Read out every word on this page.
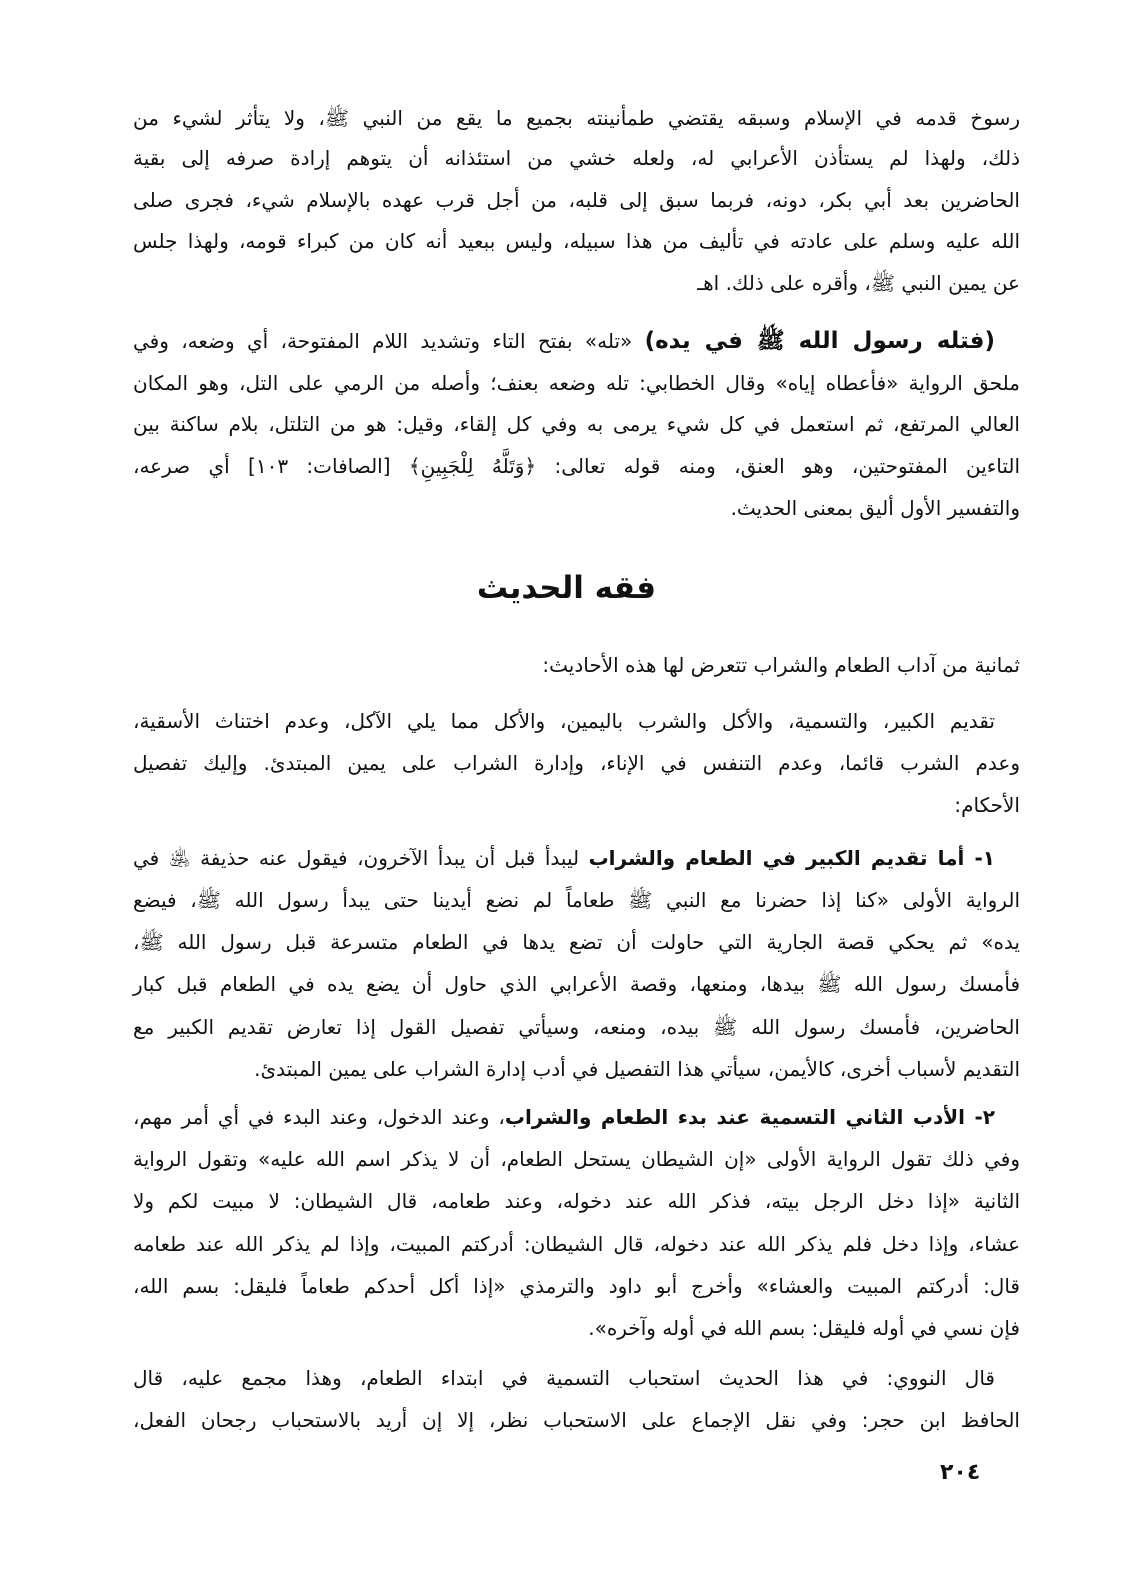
فقه الحديث
٢٠٤
رسوخ قدمه في الإسلام وسبقه يقتضي طمأنينته بجميع ما يقع من النبي ﷺ، ولا يتأثر لشيء من
ذلك، ولهذا لم يستأذن الأعرابي له، ولعله خشي من استئذانه أن يتوهم إرادة صرفه إلى بقية
الحاضرين بعد أبي بكر، دونه، فربما سبق إلى قلبه، من أجل قرب عهده بالإسلام شيء، فجرى صلى
الله عليه وسلم على عادته في تأليف من هذا سبيله، وليس ببعيد أنه كان من كبراء قومه، ولهذا جلس
عن يمين النبي ﷺ، وأقره على ذلك. اهـ
(فتله رسول الله ﷺ في يده) «تله» بفتح التاء وتشديد اللام المفتوحة، أي وضعه، وفي
ملحق الرواية «فأعطاه إياه» وقال الخطابي: تله وضعه بعنف؛ وأصله من الرمي على التل، وهو المكان
العالي المرتفع، ثم استعمل في كل شيء يرمى به وفي كل إلقاء، وقيل: هو من التلتل، بلام ساكنة بين
التاءين المفتوحتين، وهو العنق، ومنه قوله تعالى: ﴿وَتَلَّهُ لِلْجَبِينِ﴾ [الصافات: ١٠٣] أي صرعه،
والتفسير الأول أليق بمعنى الحديث.
ثمانية من آداب الطعام والشراب تتعرض لها هذه الأحاديث:
تقديم الكبير، والتسمية، والأكل والشرب باليمين، والأكل مما يلي الآكل، وعدم اختناث الأسقية،
وعدم الشرب قائما، وعدم التنفس في الإناء، وإدارة الشراب على يمين المبتدئ. وإليك تفصيل
الأحكام:
١- أما تقديم الكبير في الطعام والشراب ليبدأ قبل أن يبدأ الآخرون، فيقول عنه حذيفة ﵁ في
الرواية الأولى «كنا إذا حضرنا مع النبي ﷺ طعاماً لم نضع أيدينا حتى يبدأ رسول الله ﷺ، فيضع
يده» ثم يحكي قصة الجارية التي حاولت أن تضع يدها في الطعام متسرعة قبل رسول الله ﷺ،
فأمسك رسول الله ﷺ بيدها، ومنعها، وقصة الأعرابي الذي حاول أن يضع يده في الطعام قبل كبار
الحاضرين، فأمسك رسول الله ﷺ بيده، ومنعه، وسيأتي تفصيل القول إذا تعارض تقديم الكبير مع
التقديم لأسباب أخرى، كالأيمن، سيأتي هذا التفصيل في أدب إدارة الشراب على يمين المبتدئ.
٢- الأدب الثاني التسمية عند بدء الطعام والشراب، وعند الدخول، وعند البدء في أي أمر مهم،
وفي ذلك تقول الرواية الأولى «إن الشيطان يستحل الطعام، أن لا يذكر اسم الله عليه» وتقول الرواية
الثانية «إذا دخل الرجل بيته، فذكر الله عند دخوله، وعند طعامه، قال الشيطان: لا مبيت لكم ولا
عشاء، وإذا دخل فلم يذكر الله عند دخوله، قال الشيطان: أدركتم المبيت، وإذا لم يذكر الله عند طعامه
قال: أدركتم المبيت والعشاء» وأخرج أبو داود والترمذي «إذا أكل أحدكم طعاماً فليقل: بسم الله،
فإن نسي في أوله فليقل: بسم الله في أوله وآخره».
قال النووي: في هذا الحديث استحباب التسمية في ابتداء الطعام، وهذا مجمع عليه، قال
الحافظ ابن حجر: وفي نقل الإجماع على الاستحباب نظر، إلا إن أريد بالاستحباب رجحان الفعل،
